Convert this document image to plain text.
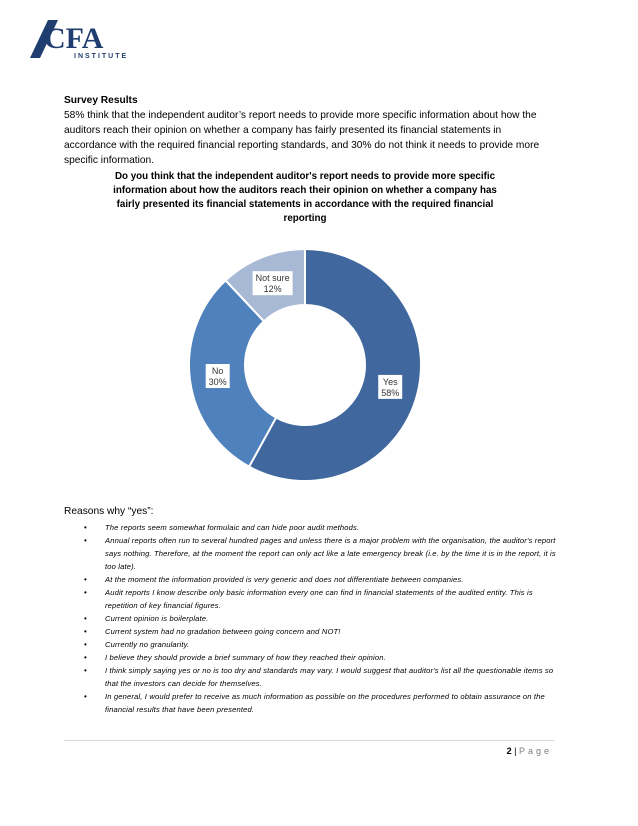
CFA
INSTITUTE
Survey Results
58% think that the independent auditor’s report needs to provide more specific information about how the auditors reach their opinion on whether a company has fairly presented its financial statements in accordance with the required financial reporting standards, and 30% do not think it needs to provide more specific information.
Do you think that the independent auditor's report needs to provide more specific information about how the auditors reach their opinion on whether a company has fairly presented its financial statements in accordance with the required financial reporting
Yes
58%
No
30%
Not sure
12%
Reasons why “yes”:
• The reports seem somewhat formulaic and can hide poor audit methods.
• Annual reports often run to several hundred pages and unless there is a major problem with the organisation, the auditor's report says nothing. Therefore, at the moment the report can only act like a late emergency break (i.e. by the time it is in the report, it is too late).
• At the moment the information provided is very generic and does not differentiate between companies.
• Audit reports I know describe only basic information every one can find in financial statements of the audited entity. This is repetition of key financial figures.
• Current opinion is boilerplate.
• Current system had no gradation between going concern and NOT!
• Currently no granularity.
• I believe they should provide a brief summary of how they reached their opinion.
• I think simply saying yes or no is too dry and standards may vary. I would suggest that auditor's list all the questionable items so that the investors can decide for themselves.
• In general, I would prefer to receive as much information as possible on the procedures performed to obtain assurance on the financial results that have been presented.
2 | Page
